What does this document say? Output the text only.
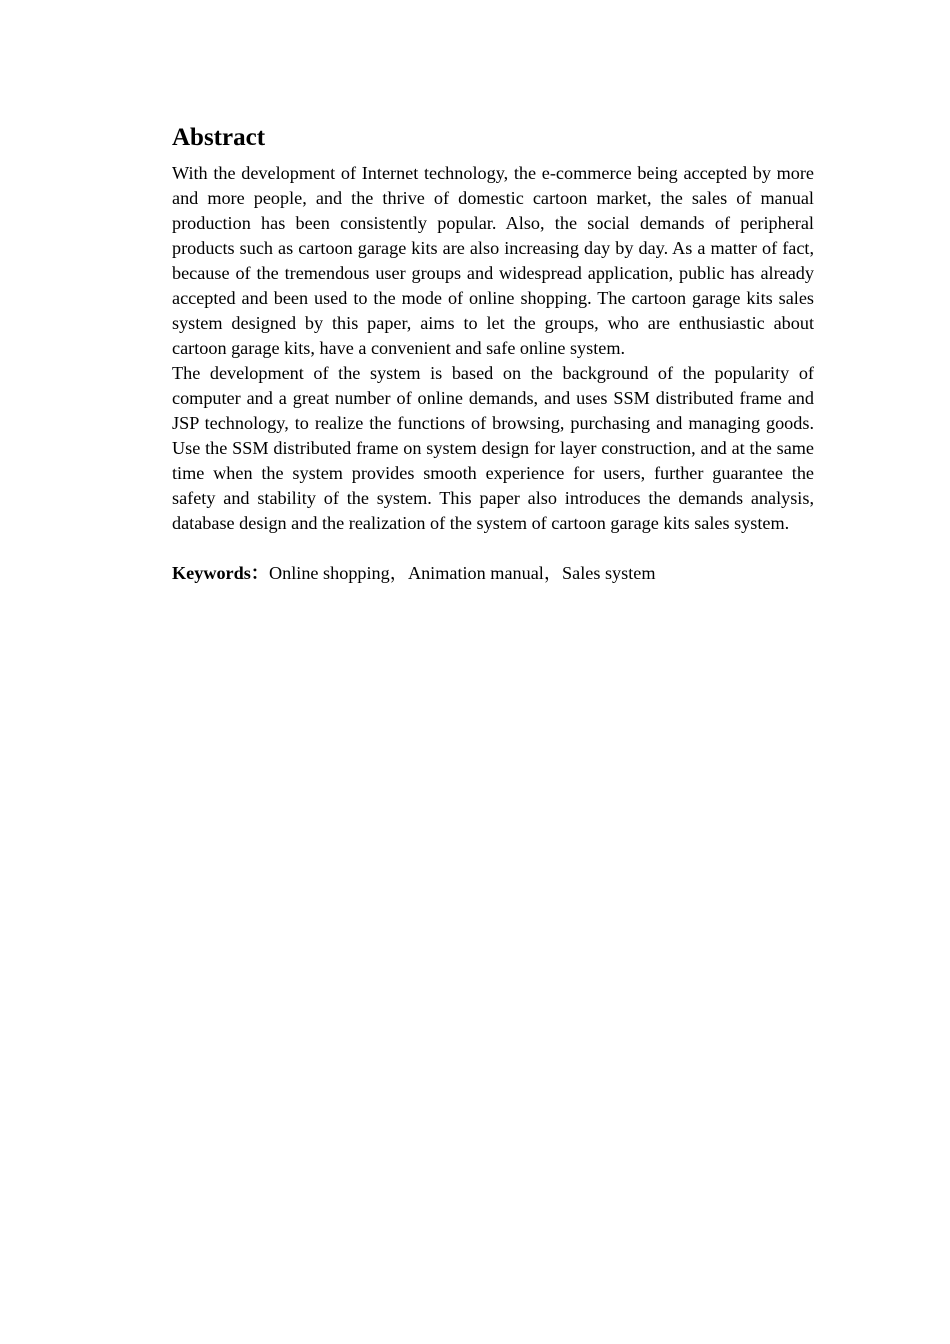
Abstract

With the development of Internet technology, the e-commerce being accepted by more and more people, and the thrive of domestic cartoon market, the sales of manual production has been consistently popular. Also, the social demands of peripheral products such as cartoon garage kits are also increasing day by day. As a matter of fact, because of the tremendous user groups and widespread application, public has already accepted and been used to the mode of online shopping. The cartoon garage kits sales system designed by this paper, aims to let the groups, who are enthusiastic about cartoon garage kits, have a convenient and safe online system.

The development of the system is based on the background of the popularity of computer and a great number of online demands, and uses SSM distributed frame and JSP technology, to realize the functions of browsing, purchasing and managing goods. Use the SSM distributed frame on system design for layer construction, and at the same time when the system provides smooth experience for users, further guarantee the safety and stability of the system. This paper also introduces the demands analysis, database design and the realization of the system of cartoon garage kits sales system.

Keywords：Online shopping，Animation manual，Sales system
